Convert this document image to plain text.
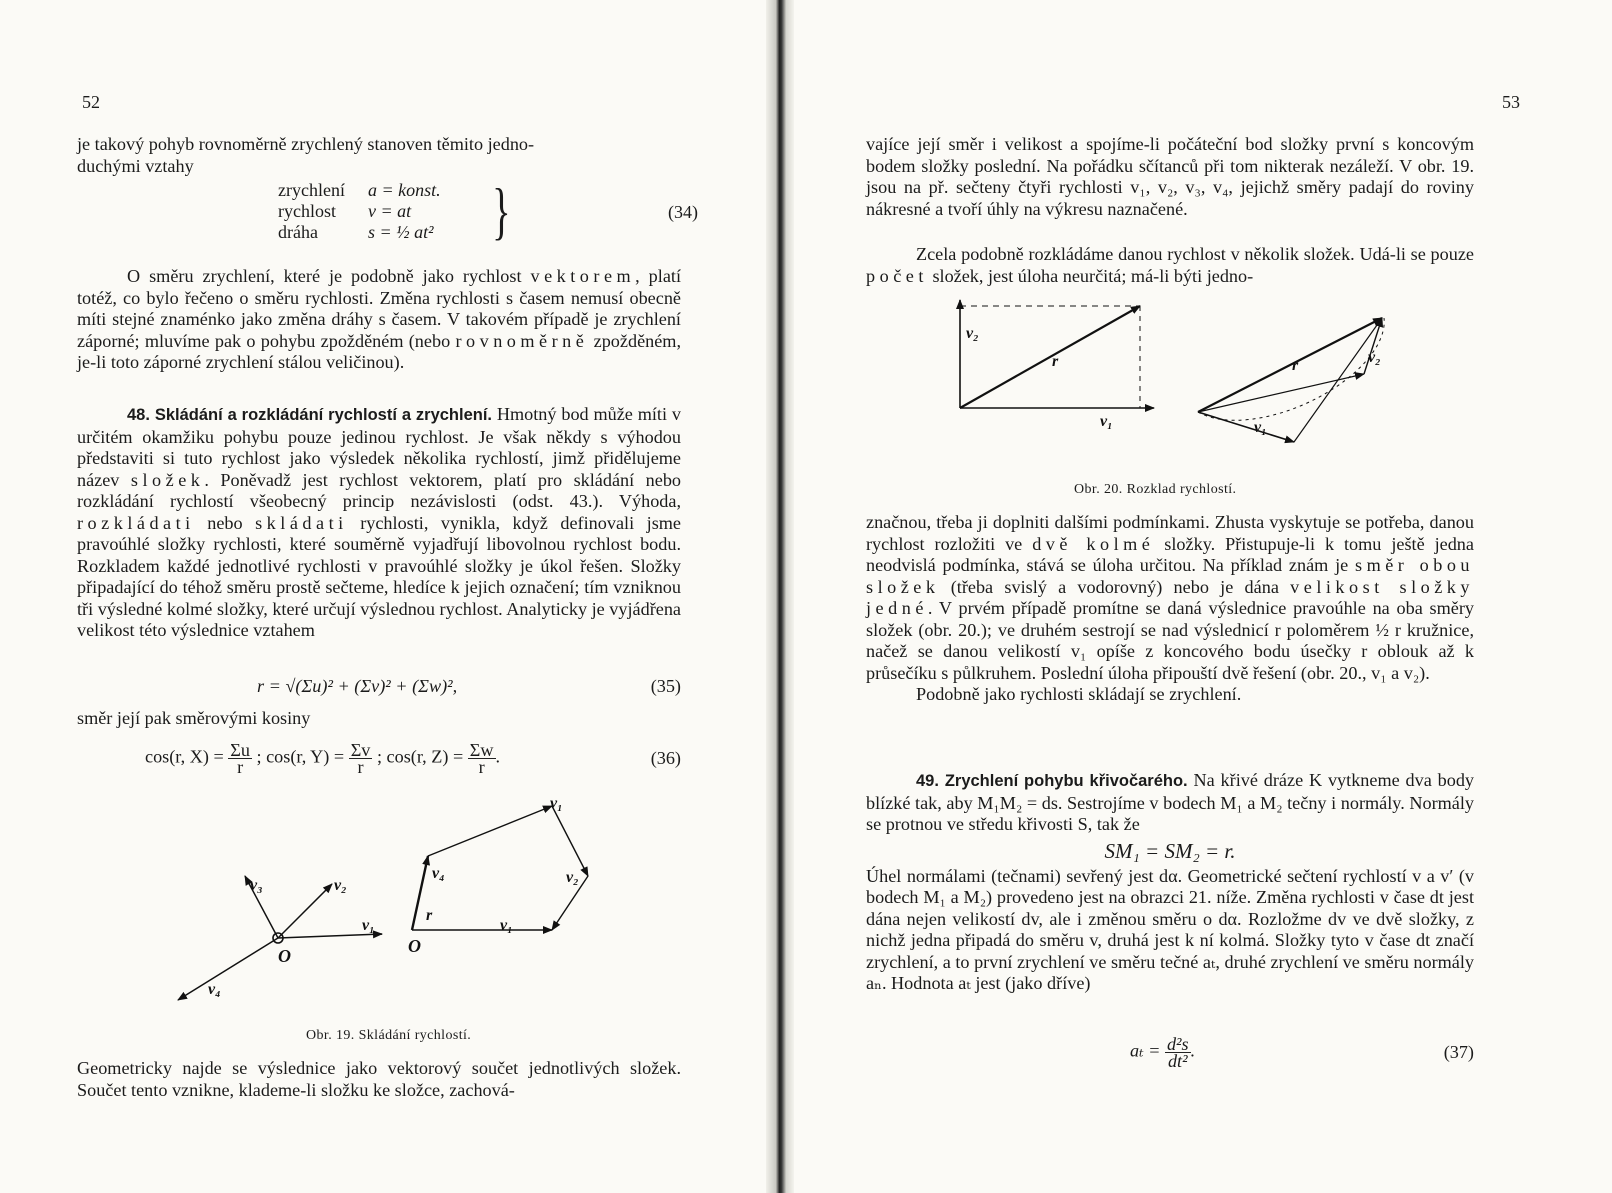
52

je takový pohyb rovnoměrně zrychlený stanoven těmito jedno-

duchými vztahy

zrychlení a = konst.
rychlost v = at
dráha	s = ½ at² }	(34)

O směru zrychlení, které je podobně jako rychlost vektorem, platí totéž, co bylo řečeno o směru rychlosti. Změna rychlosti s časem nemusí obecně míti stejné znaménko jako změna dráhy s časem. V takovém případě je zrychlení záporné; mluvíme pak o pohybu zpožděném (nebo rovnoměrně zpožděném, je-li toto záporné zrychlení stálou veličinou).

48. Skládání a rozkládání rychlostí a zrychlení. Hmotný bod může míti v určitém okamžiku pohybu pouze jedinou rychlost. Je však někdy s výhodou představiti si tuto rychlost jako výsledek několika rychlostí, jimž přidělujeme název složek. Poněvadž jest rychlost vektorem, platí pro skládání nebo rozkládání rychlostí všeobecný princip nezávislosti (odst. 43.). Výhoda, rozkládati nebo skládati rychlosti, vynikla, když definovali jsme pravoúhlé složky rychlosti, které souměrně vyjadřují libovolnou rychlost bodu. Rozkladem každé jednotlivé rychlosti v pravoúhlé složky je úkol řešen. Složky připadající do téhož směru prostě sečteme, hledíce k jejich označení; tím vzniknou tři výsledné kolmé složky, které určují výslednou rychlost. Analyticky je vyjádřena velikost této výslednice vztahem

r = √(Σu)² + (Σv)² + (Σw)²,	(35)

směr její pak směrovými kosiny

cos(r, $X) = \frac{\Sigma u}{r}$ ; cos(r, $Y) = \frac{\Sigma v}{r}$ ; cos(r, $Z) = \frac{\Sigma w}{r}$ .	(36)
v₃	v₂
v₁
v₄
O
v₄
v₁
v₂
v₁
r
O
Obr. 19. Skládání rychlostí.

Geometricky najde se výslednice jako vektorový součet jednotlivých složek. Součet tento vznikne, klademe-li složku ke složce, zachová-

53

vajíce její směr i velikost a spojíme-li počáteční bod složky první s koncovým bodem složky poslední. Na pořádku sčítanců při tom nikterak nezáleží. V obr. 19. jsou na př. sečteny čtyři rychlosti v₁, v₂, v₃, v₄, jejichž směry padají do roviny nákresné a tvoří úhly na výkresu naznačené.

Zcela podobně rozkládáme danou rychlost v několik složek. Udá-li se pouze počet složek, jest úloha neurčitá; má-li býti jedno-

v₂
r
v₁
r
v₁
v₂
Obr. 20. Rozklad rychlostí.

značnou, třeba ji doplniti dalšími podmínkami. Zhusta vyskytuje se potřeba, danou rychlost rozložiti ve dvě kolmé složky. Přistupuje-li k tomu ještě jedna neodvislá podmínka, stává se úloha určitou. Na příklad znám je směr obou složek (třeba svislý a vodorovný) nebo je dána velikost složky jedné. V prvém případě promítne se daná výslednice pravoúhle na oba směry složek (obr. 20.); ve druhém sestrojí se nad výslednicí r poloměrem ½ r kružnice, načež se danou velikostí v₁ opíše z koncového bodu úsečky r oblouk až k průsečíku s půlkruhem. Poslední úloha připouští dvě řešení (obr. 20., v₁ a v₂).

Podobně jako rychlosti skládají se zrychlení.

49. Zrychlení pohybu křivočarého. Na křivé dráze K vytkneme dva body blízké tak, aby M₁M₂ = ds. Sestrojíme v bodech M₁ a M₂ tečny i normály. Normály se protnou ve středu křivosti S, tak že

SM₁ = SM₂ = r.

Úhel normálami (tečnami) sevřený jest dα. Geometrické sečtení rychlostí v a v′ (v bodech M₁ a M₂) provedeno jest na obrazci 21. níže. Změna rychlosti v čase dt jest dána nejen velikostí dv, ale i změnou směru o dα. Rozložme dv ve dvě složky, z nichž jedna připadá do směru v, druhá jest k ní kolmá. Složky tyto v čase dt značí zrychlení, a to první zrychlení ve směru tečné aₜ, druhé zrychlení ve směru normály aₙ. Hodnota aₜ jest (jako dříve)

$a_t = \frac{\text{d²s}}{\text{dt²}}$ .	(37)
